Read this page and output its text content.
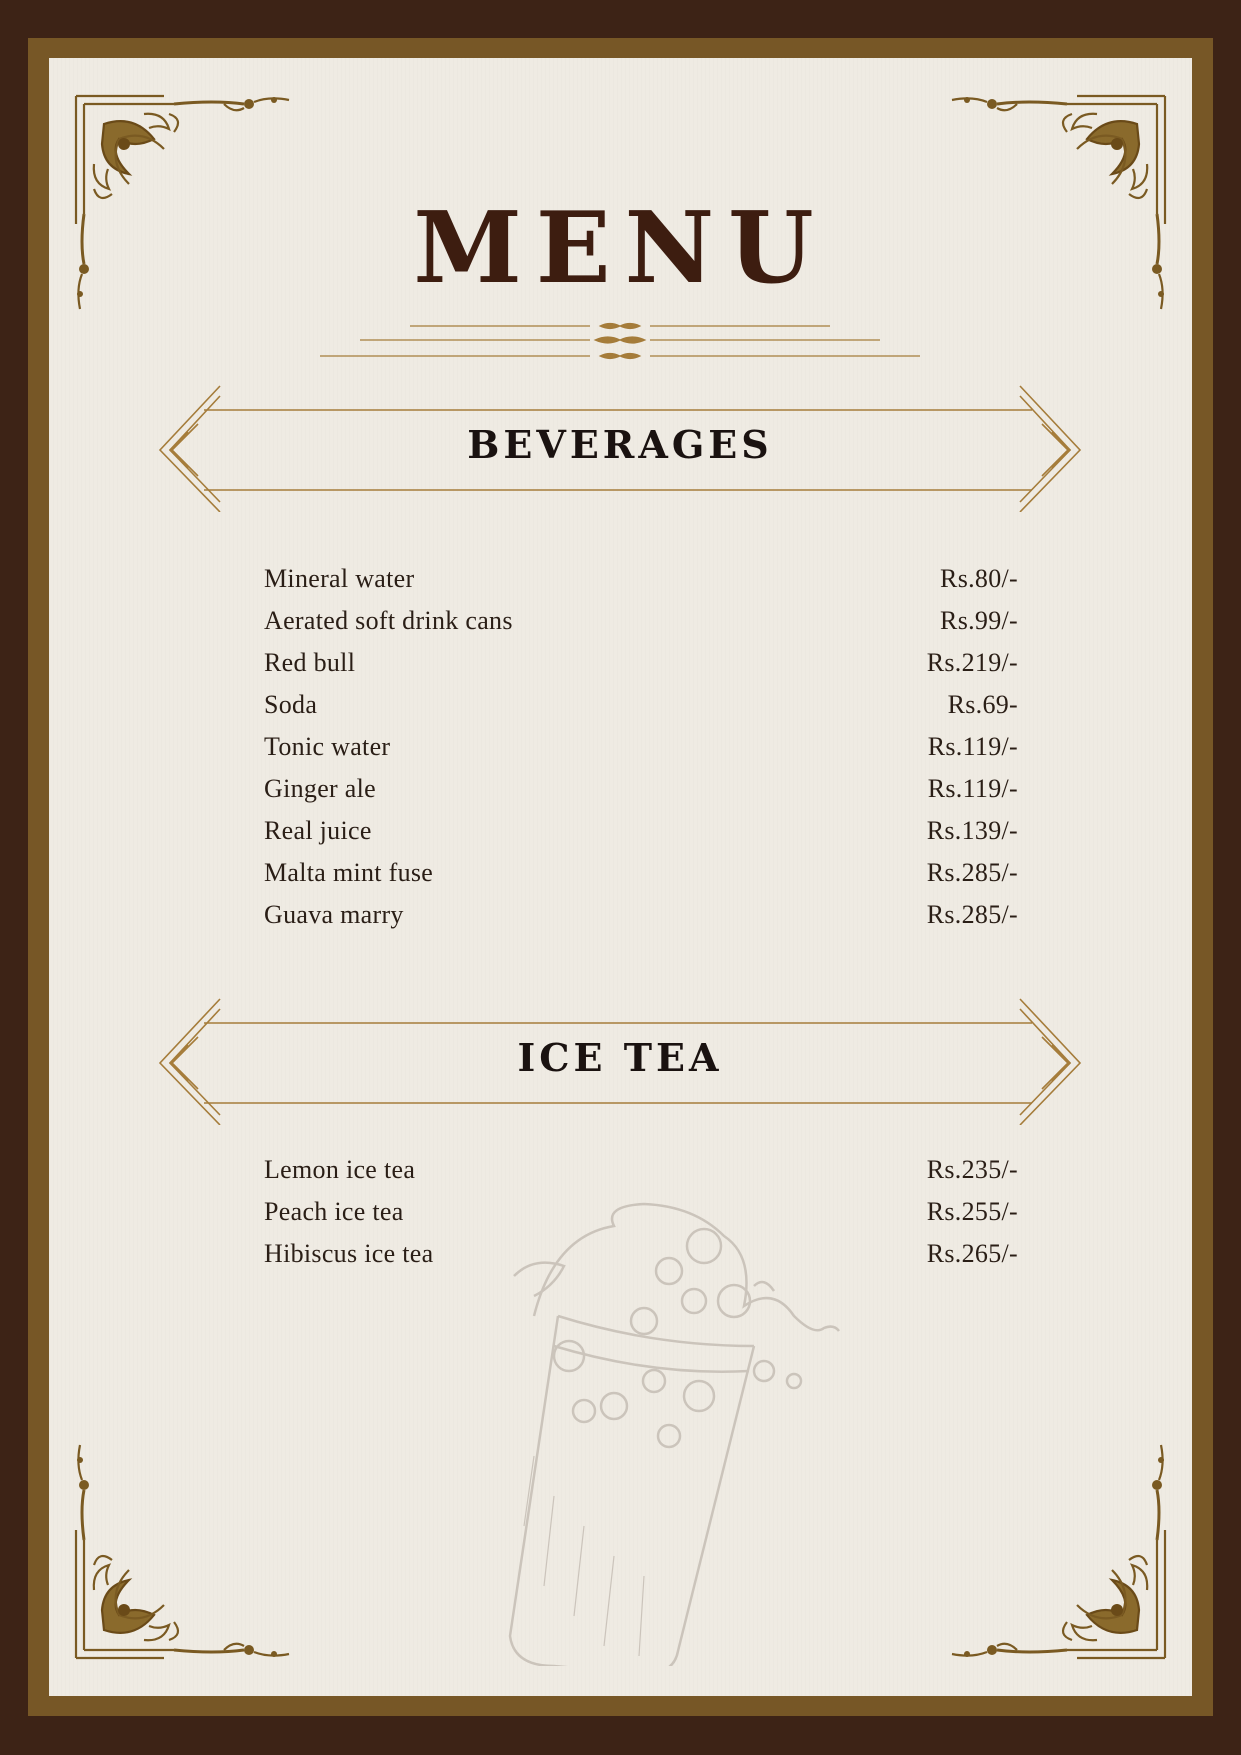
MENU
BEVERAGES
Mineral water	Rs.80/-
Aerated soft drink cans	Rs.99/-
Red bull	Rs.219/-
Soda	Rs.69-
Tonic water	Rs.119/-
Ginger ale	Rs.119/-
Real juice	Rs.139/-
Malta mint fuse	Rs.285/-
Guava marry	Rs.285/-
ICE TEA
Lemon ice tea	Rs.235/-
Peach ice tea	Rs.255/-
Hibiscus ice tea	Rs.265/-
